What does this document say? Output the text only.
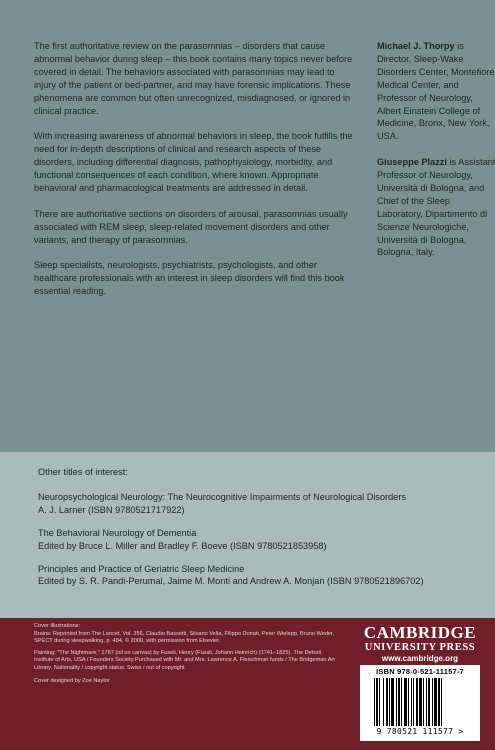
The first authoritative review on the parasomnias – disorders that cause abnormal behavior during sleep – this book contains many topics never before covered in detail. The behaviors associated with parasomnias may lead to injury of the patient or bed-partner, and may have forensic implications. These phenomena are common but often unrecognized, misdiagnosed, or ignored in clinical practice.

With increasing awareness of abnormal behaviors in sleep, the book fulfills the need for in-depth descriptions of clinical and research aspects of these disorders, including differential diagnosis, pathophysiology, morbidity, and functional consequences of each condition, where known. Appropriate behavioral and pharmacological treatments are addressed in detail.

There are authoritative sections on disorders of arousal, parasomnias usually associated with REM sleep, sleep-related movement disorders and other variants, and therapy of parasomnias.

Sleep specialists, neurologists, psychiatrists, psychologists, and other healthcare professionals with an interest in sleep disorders will find this book essential reading.

Michael J. Thorpy is Director, Sleep-Wake Disorders Center, Montefiore Medical Center, and Professor of Neurology, Albert Einstein College of Medicine, Bronx, New York, USA.

Giuseppe Plazzi is Assistant Professor of Neurology, Università di Bologna, and Chief of the Sleep Laboratory, Dipartimento di Scienze Neurologiche, Università di Bologna, Bologna, Italy.

Other titles of interest:
Neuropsychological Neurology: The Neurocognitive Impairments of Neurological Disorders
A. J. Larner (ISBN 9780521717922)
The Behavioral Neurology of Dementia
Edited by Bruce L. Miller and Bradley F. Boeve (ISBN 9780521853958)
Principles and Practice of Geriatric Sleep Medicine
Edited by S. R. Pandi-Perumal, Jaime M. Monti and Andrew A. Monjan (ISBN 9780521896702)

Cover illustrations:
Brains: Reprinted from The Lancet, Vol. 356, Claudio Bassetti, Silvano Vella, Filippo Donati, Peter Wielepp, Bruno Weder, SPECT during sleepwalking, p. 484, © 2000, with permission from Elsevier.

Painting: "The Nightmare," 1787 (oil on canvas) by Fuseli, Henry (Fussli, Johann Heinrich) (1741–1825). The Detroit Institute of Arts, USA / Founders Society Purchased with Mr. and Mrs. Lawrence A. Fleischman funds / The Bridgeman Art Library. Nationality / copyright status: Swiss / out of copyright.

Cover designed by Zoe Naylor

CAMBRIDGE
UNIVERSITY PRESS
www.cambridge.org
ISBN 978-0-521-11157-7
9 780521 111577 >
